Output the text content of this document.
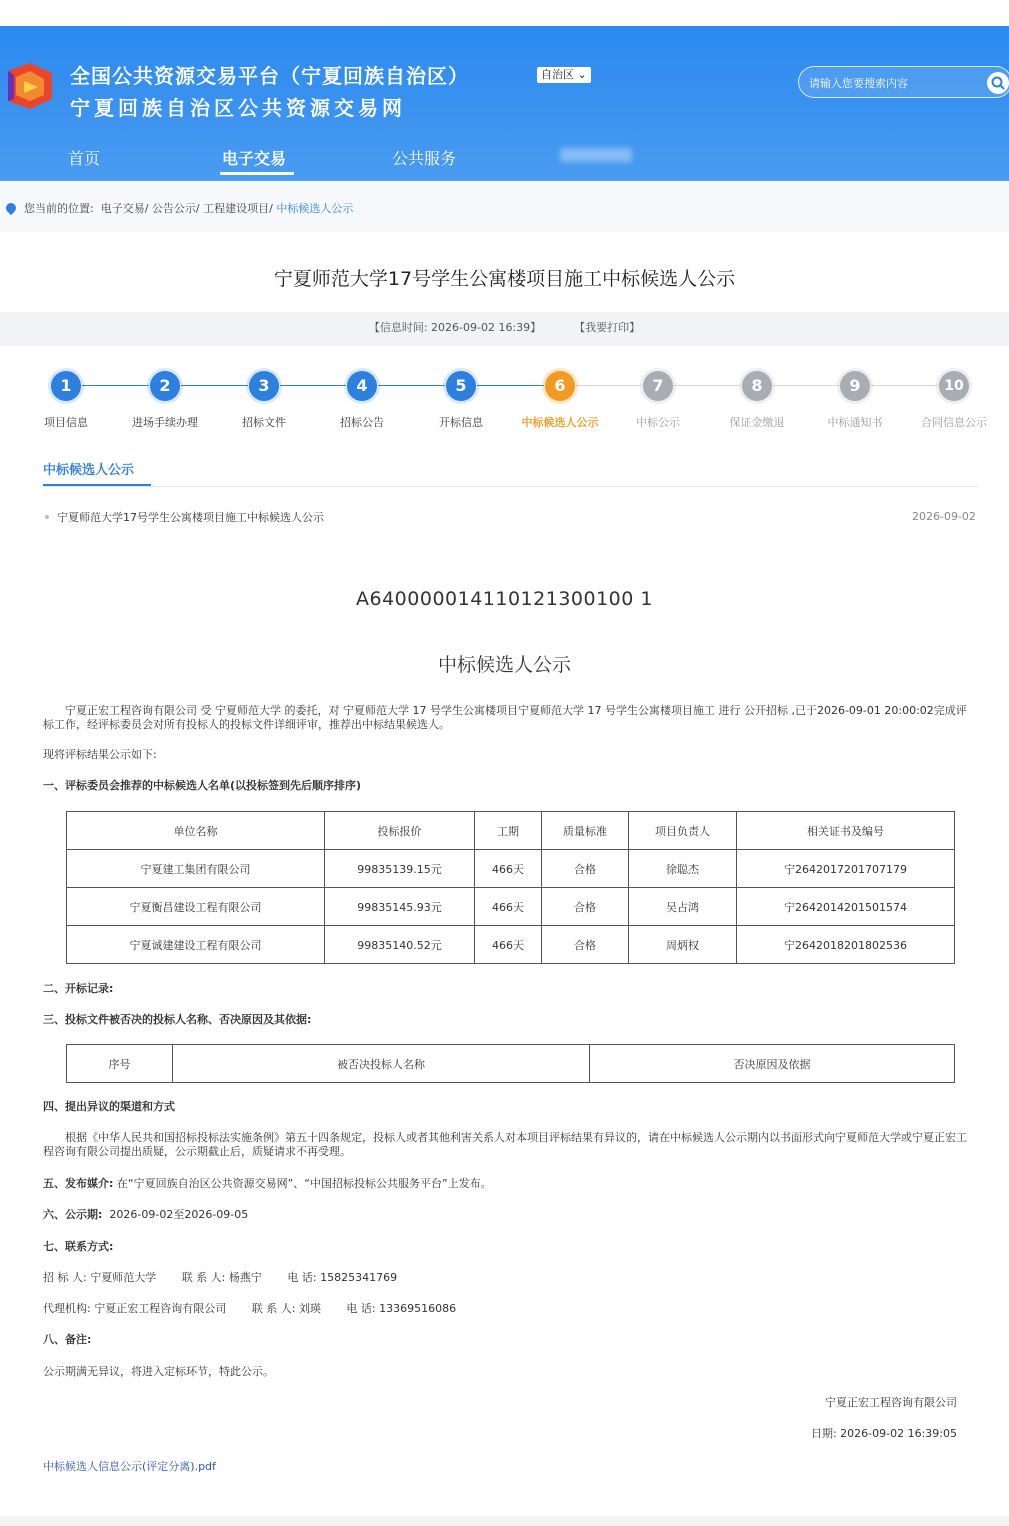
全国公共资源交易平台（宁夏回族自治区）
宁夏回族自治区公共资源交易网
自治区 ⌄
请输入您要搜索内容
首页	电子交易	公共服务
您当前的位置: 电子交易/ 公告公示/ 工程建设项目/ 中标候选人公示
宁夏师范大学17号学生公寓楼项目施工中标候选人公示
【信息时间: 2026-09-02 16:39】	【我要打印】
1
项目信息
2
进场手续办理
3
招标文件
4
招标公告
5
开标信息
6
中标候选人公示
7
中标公示
8
保证金缴退
9
中标通知书
10
合同信息公示
中标候选人公示
宁夏师范大学17号学生公寓楼项目施工中标候选人公示	2026-09-02
A640000014110121300100 1
中标候选人公示
宁夏正宏工程咨询有限公司 受 宁夏师范大学 的委托，对 宁夏师范大学 17 号学生公寓楼项目宁夏师范大学 17 号学生公寓楼项目施工 进行 公开招标 ,已于2026-09-01 20:00:02完成评标工作，经评标委员会对所有投标人的投标文件详细评审，推荐出中标结果候选人。
现将评标结果公示如下:
一、评标委员会推荐的中标候选人名单(以投标签到先后顺序排序)
单位名称	投标报价	工期	质量标准	项目负责人	相关证书及编号
宁夏建工集团有限公司	99835139.15元	466天	合格	徐聪杰	宁2642017201707179
宁夏衡昌建设工程有限公司	99835145.93元	466天	合格	吴占鸿	宁2642014201501574
宁夏诚建建设工程有限公司	99835140.52元	466天	合格	周炳权	宁2642018201802536
二、开标记录:
三、投标文件被否决的投标人名称、否决原因及其依据:
序号	被否决投标人名称	否决原因及依据
四、提出异议的渠道和方式
根据《中华人民共和国招标投标法实施条例》第五十四条规定，投标人或者其他利害关系人对本项目评标结果有异议的，请在中标候选人公示期内以书面形式向宁夏师范大学或宁夏正宏工程咨询有限公司提出质疑，公示期截止后，质疑请求不再受理。
五、发布媒介: 在“宁夏回族自治区公共资源交易网”、“中国招标投标公共服务平台”上发布。
六、公示期: 2026-09-02至2026-09-05
七、联系方式:
招 标 人: 宁夏师范大学　　 联 系 人: 杨燕宁　　 电 话: 15825341769
代理机构: 宁夏正宏工程咨询有限公司　　 联 系 人: 刘瑛　　 电 话: 13369516086
八、备注:
公示期满无异议，将进入定标环节，特此公示。
宁夏正宏工程咨询有限公司
日期: 2026-09-02 16:39:05
中标候选人信息公示(评定分离).pdf
